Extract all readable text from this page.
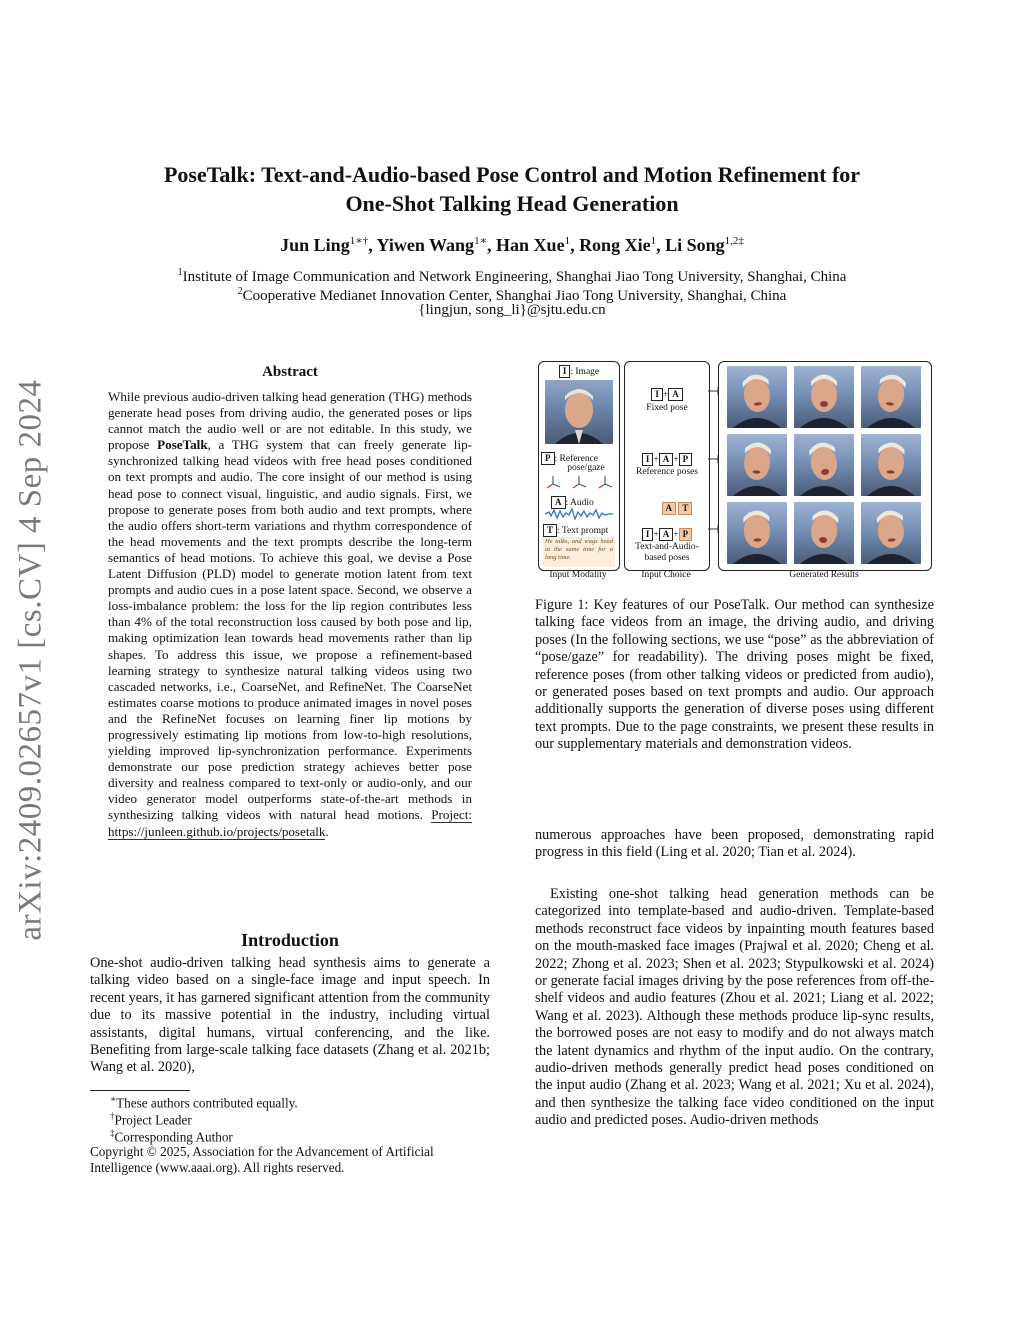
arXiv:2409.02657v1 [cs.CV] 4 Sep 2024
PoseTalk: Text-and-Audio-based Pose Control and Motion Refinement for
One-Shot Talking Head Generation
Jun Ling$^{1∗\dagger}$, Yiwen Wang$^{1∗}$, Han Xue$^1$, Rong Xie$^1$, Li Song$^{1,2\ddagger}$
$^1$Institute of Image Communication and Network Engineering, Shanghai Jiao Tong University, Shanghai, China
$^2$Cooperative Medianet Innovation Center, Shanghai Jiao Tong University, Shanghai, China
{lingjun, song_li}@sjtu.edu.cn
Abstract
While previous audio-driven talking head generation (THG) methods generate head poses from driving audio, the generated poses or lips cannot match the audio well or are not editable. In this study, we propose PoseTalk, a THG system that can freely generate lip-synchronized talking head videos with free head poses conditioned on text prompts and audio. The core insight of our method is using head pose to connect visual, linguistic, and audio signals. First, we propose to generate poses from both audio and text prompts, where the audio offers short-term variations and rhythm correspondence of the head movements and the text prompts describe the long-term semantics of head motions. To achieve this goal, we devise a Pose Latent Diffusion (PLD) model to generate motion latent from text prompts and audio cues in a pose latent space. Second, we observe a loss-imbalance problem: the loss for the lip region contributes less than 4% of the total reconstruction loss caused by both pose and lip, making optimization lean towards head movements rather than lip shapes. To address this issue, we propose a refinement-based learning strategy to synthesize natural talking videos using two cascaded networks, i.e., CoarseNet, and RefineNet. The CoarseNet estimates coarse motions to produce animated images in novel poses and the RefineNet focuses on learning finer lip motions by progressively estimating lip motions from low-to-high resolutions, yielding improved lip-synchronization performance. Experiments demonstrate our pose prediction strategy achieves better pose diversity and realness compared to text-only or audio-only, and our video generator model outperforms state-of-the-art methods in synthesizing talking videos with natural head motions. Project: https://junleen.github.io/projects/posetalk.
Introduction
One-shot audio-driven talking head synthesis aims to generate a talking video based on a single-face image and input speech. In recent years, it has garnered significant attention from the community due to its massive potential in the industry, including virtual assistants, digital humans, virtual conferencing, and the like. Benefiting from large-scale talking face datasets (Zhang et al. 2021b; Wang et al. 2020),
∗These authors contributed equally.
†Project Leader
‡Corresponding Author
Copyright © 2025, Association for the Advancement of Artificial Intelligence (www.aaai.org). All rights reserved.
I : Image
P : Reference
pose/gaze
A : Audio
T : Text prompt
He talks, and wags head at the same time for a long time.
I + A
Fixed pose
I + A + P
Reference poses
A T
I + A + P
Text-and-Audio-
based poses
Input Modality	Input Choice	Generated Results
Figure 1: Key features of our PoseTalk. Our method can synthesize talking face videos from an image, the driving audio, and driving poses (In the following sections, we use “pose” as the abbreviation of “pose/gaze” for readability). The driving poses might be fixed, reference poses (from other talking videos or predicted from audio), or generated poses based on text prompts and audio. Our approach additionally supports the generation of diverse poses using different text prompts. Due to the page constraints, we present these results in our supplementary materials and demonstration videos.
numerous approaches have been proposed, demonstrating rapid progress in this field (Ling et al. 2020; Tian et al. 2024).
Existing one-shot talking head generation methods can be categorized into template-based and audio-driven. Template-based methods reconstruct face videos by inpainting mouth features based on the mouth-masked face images (Prajwal et al. 2020; Cheng et al. 2022; Zhong et al. 2023; Shen et al. 2023; Stypulkowski et al. 2024) or generate facial images driving by the pose references from off-the-shelf videos and audio features (Zhou et al. 2021; Liang et al. 2022; Wang et al. 2023). Although these methods produce lip-sync results, the borrowed poses are not easy to modify and do not always match the latent dynamics and rhythm of the input audio. On the contrary, audio-driven methods generally predict head poses conditioned on the input audio (Zhang et al. 2023; Wang et al. 2021; Xu et al. 2024), and then synthesize the talking face video conditioned on the input audio and predicted poses. Audio-driven methods
